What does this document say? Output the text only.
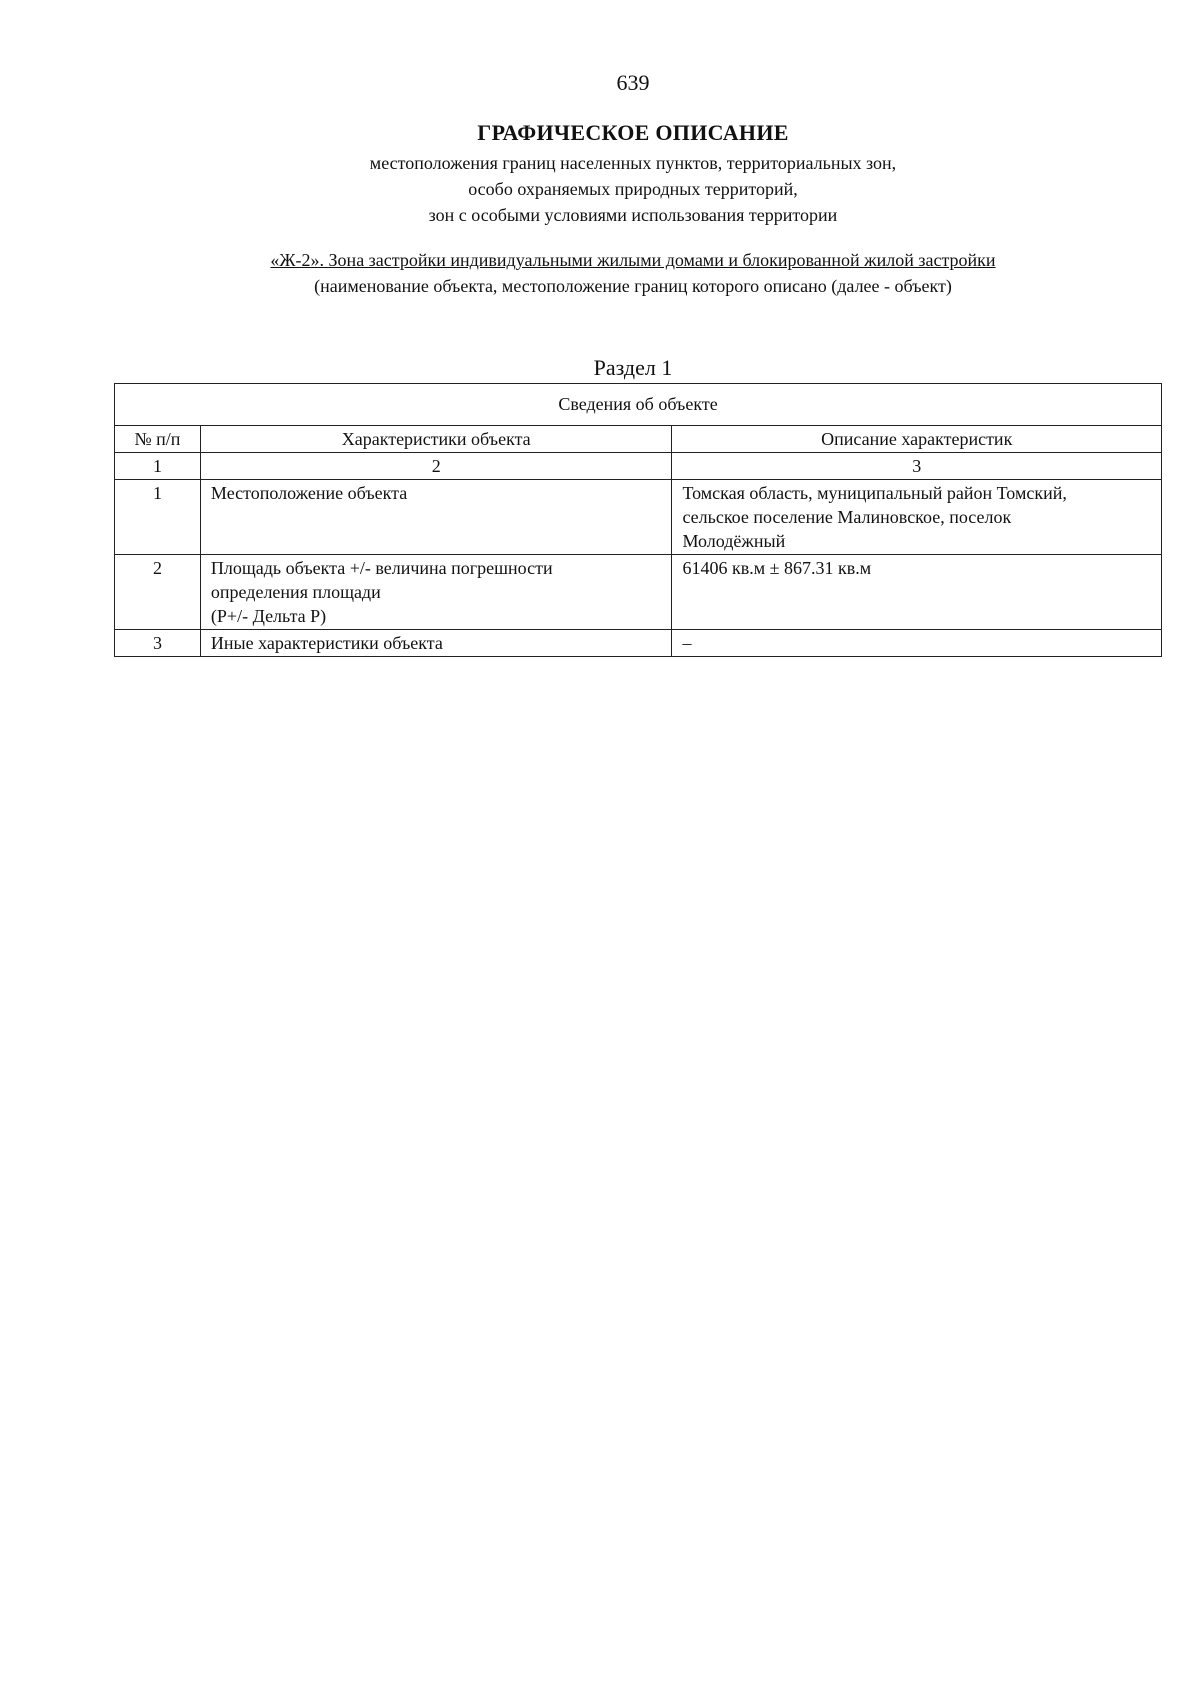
639
ГРАФИЧЕСКОЕ ОПИСАНИЕ
местоположения границ населенных пунктов, территориальных зон,
особо охраняемых природных территорий,
зон с особыми условиями использования территории
«Ж-2». Зона застройки индивидуальными жилыми домами и блокированной жилой застройки
(наименование объекта, местоположение границ которого описано (далее - объект)
Раздел 1
Сведения об объекте		
№ п/п	Характеристики объекта	Описание характеристик
1	2	3
1	Местоположение объекта	Томская область, муниципальный район Томский,
сельское поселение Малиновское, поселок
Молодёжный

2	Площадь объекта +/- величина погрешности
определения площади
(Р+/- Дельта Р)	61406 кв.м ± 867.31 кв.м

3	Иные характеристики объекта	–
